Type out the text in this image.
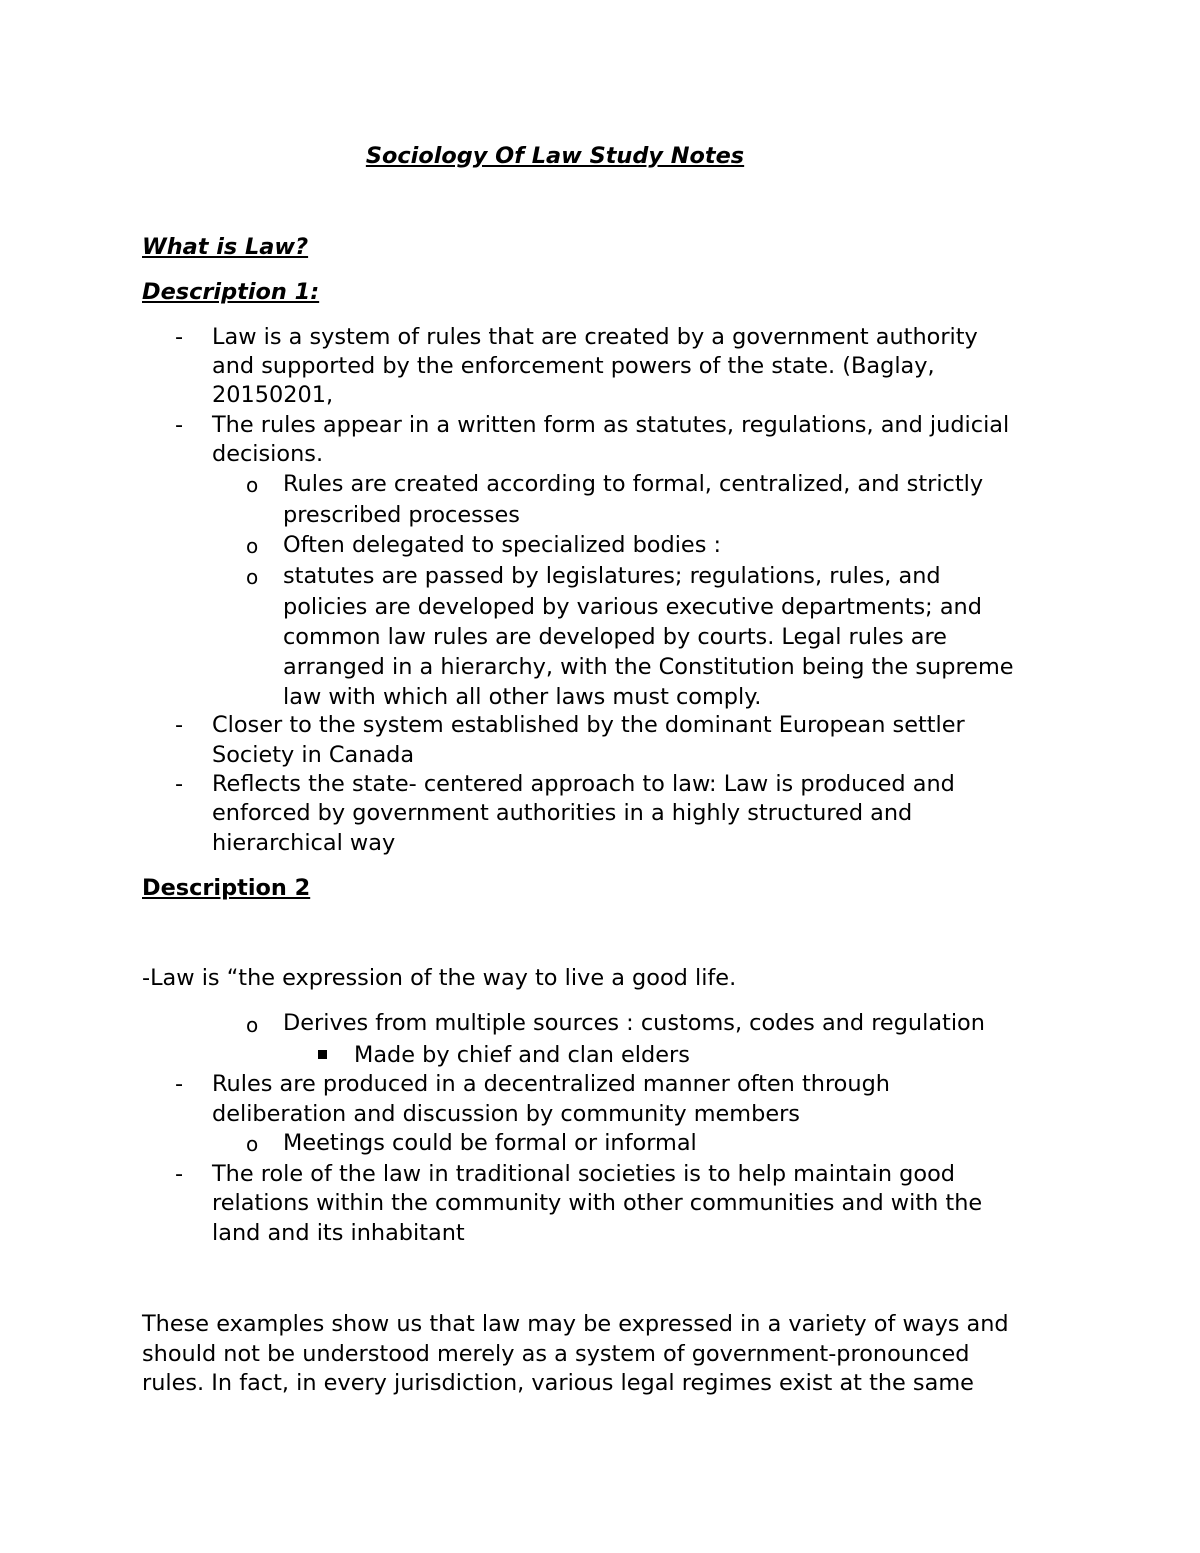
Sociology Of Law Study Notes

What is Law?

Description 1:

- Law is a system of rules that are created by a government authority

and supported by the enforcement powers of the state. (Baglay,

20150201,

- The rules appear in a written form as statutes, regulations, and judicial

decisions.

o Rules are created according to formal, centralized, and strictly

prescribed processes

o Often delegated to specialized bodies :

o statutes are passed by legislatures; regulations, rules, and

policies are developed by various executive departments; and

common law rules are developed by courts. Legal rules are

arranged in a hierarchy, with the Constitution being the supreme

law with which all other laws must comply.

- Closer to the system established by the dominant European settler

Society in Canada

- Reflects the state- centered approach to law: Law is produced and

enforced by government authorities in a highly structured and

hierarchical way

Description 2

-Law is “the expression of the way to live a good life.

o Derives from multiple sources : customs, codes and regulation

Made by chief and clan elders

- Rules are produced in a decentralized manner often through

deliberation and discussion by community members

o Meetings could be formal or informal

- The role of the law in traditional societies is to help maintain good

relations within the community with other communities and with the

land and its inhabitant

These examples show us that law may be expressed in a variety of ways and

should not be understood merely as a system of government-pronounced

rules. In fact, in every jurisdiction, various legal regimes exist at the same
